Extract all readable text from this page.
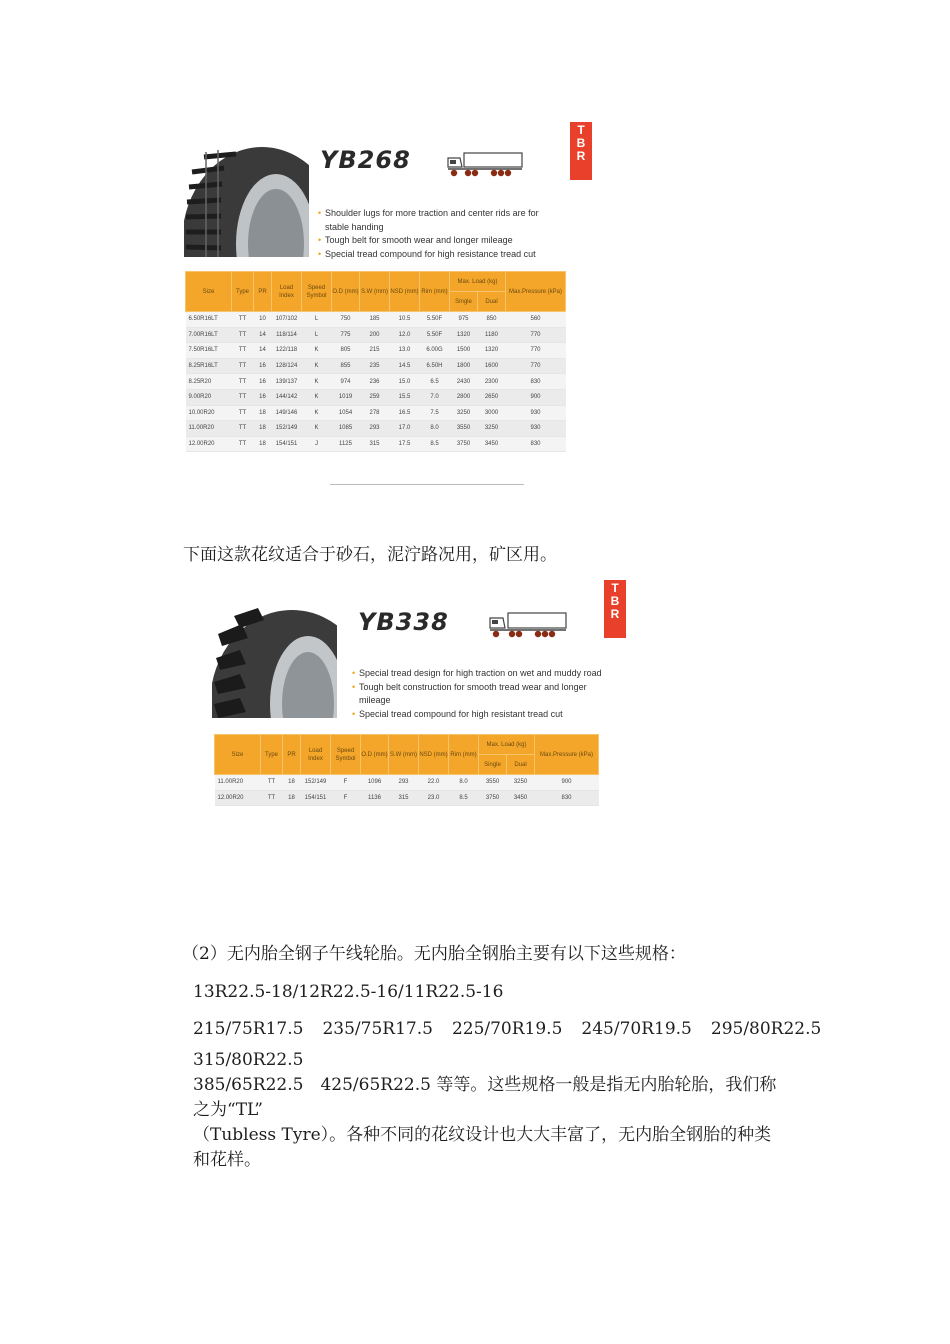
YB268
T
B
R
• Shoulder lugs for more traction and center rids are for stable handing
• Tough belt for smooth wear and longer mileage
• Special tread compound for high resistance tread cut
Size	Type	PR	Load Index	Speed Symbol	O.D (mm)	S.W (mm)	NSD (mm)	Rim (mm)	Max. Load (kg)		Max.Pressure (kPa)
									Single	Dual	
6.50R16LT	TT	10	107/102	L	750	185	10.5	5.50F	975	850	560
7.00R16LT	TT	14	118/114	L	775	200	12.0	5.50F	1320	1180	770
7.50R16LT	TT	14	122/118	K	805	215	13.0	6.00G	1500	1320	770
8.25R16LT	TT	16	128/124	K	855	235	14.5	6.50H	1800	1600	770
8.25R20	TT	16	139/137	K	974	236	15.0	6.5	2430	2300	830
9.00R20	TT	16	144/142	K	1019	259	15.5	7.0	2800	2650	900
10.00R20	TT	18	149/146	K	1054	278	16.5	7.5	3250	3000	930
11.00R20	TT	18	152/149	K	1085	293	17.0	8.0	3550	3250	930
12.00R20	TT	18	154/151	J	1125	315	17.5	8.5	3750	3450	830
下面这款花纹适合于砂石，泥泞路况用，矿区用。
YB338
T
B
R
• Special tread design for high traction on wet and muddy road
• Tough belt construction for smooth tread wear and longer mileage
• Special tread compound for high resistant tread cut
Size	Type	PR	Load Index	Speed Symbol	O.D (mm)	S.W (mm)	NSD (mm)	Rim (mm)	Max. Load (kg)		Max.Pressure (kPa)
									Single	Dual	
11.00R20	TT	18	152/149	F	1096	293	22.0	8.0	3550	3250	900
12.00R20	TT	18	154/151	F	1136	315	23.0	8.5	3750	3450	830
（2）无内胎全钢子午线轮胎。无内胎全钢胎主要有以下这些规格：
13R22.5-18/12R22.5-16/11R22.5-16
215/75R17.5 235/75R17.5 225/70R19.5 245/70R19.5 295/80R22.5
315/80R22.5
385/65R22.5　425/65R22.5 等等。这些规格一般是指无内胎轮胎，我们称
之为“TL”
（Tubless Tyre）。各种不同的花纹设计也大大丰富了，无内胎全钢胎的种类
和花样。
